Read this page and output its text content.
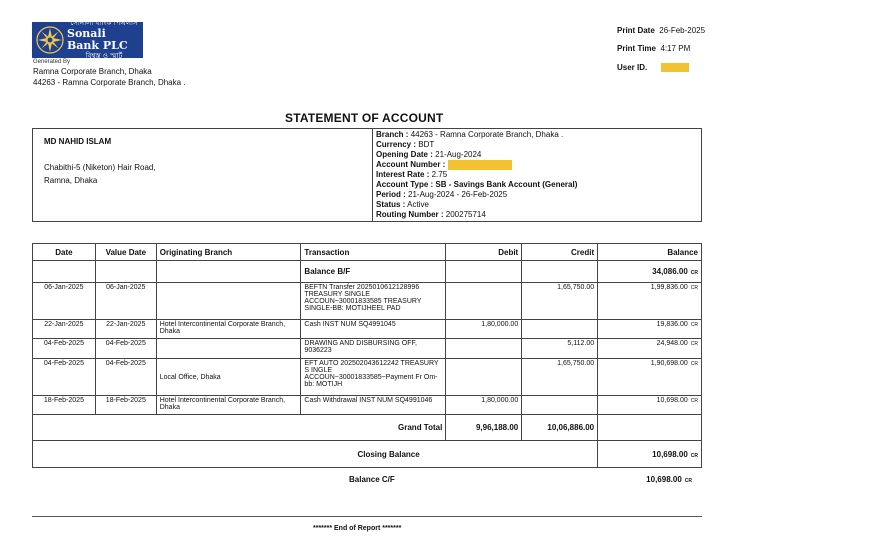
সোনালী ব্যাংক পিএলসি
Sonali Bank PLC
বিশ্বস্ত ও স্মার্ট
Generated By
Ramna Corporate Branch, Dhaka
44263 - Ramna Corporate Branch, Dhaka .
Print Date 26-Feb-2025
Print Time 4:17 PM
User ID.
STATEMENT OF ACCOUNT
MD NAHID ISLAM
Chabithi-5 (Niketon) Hair Road,
Ramna, Dhaka
Branch : 44263 - Ramna Corporate Branch, Dhaka .
Currency : BDT
Opening Date : 21-Aug-2024
Account Number :
Interest Rate : 2.75
Account Type : SB - Savings Bank Account (General)
Period : 21-Aug-2024 - 26-Feb-2025
Status : Active
Routing Number : 200275714
Date	Value Date	Originating Branch	Transaction	Debit	Credit	Balance
			Balance B/F			34,086.00 CR
06-Jan-2025	06-Jan-2025		BEFTN Transfer 2025010612128996 TREASURY SINGLE ACCOUN~30001833585 TREASURY SINGLE-BB: MOTIJHEEL PAD		1,65,750.00	1,99,836.00 CR
22-Jan-2025	22-Jan-2025	Hotel Intercontinental Corporate Branch, Dhaka	Cash INST NUM SQ4991045	1,80,000.00		19,836.00 CR
04-Feb-2025	04-Feb-2025		DRAWING AND DISBURSING OFF, 9036223		5,112.00	24,948.00 CR
04-Feb-2025	04-Feb-2025	Local Office, Dhaka	EFT AUTO 202502043612242 TREASURY S INGLE ACCOUN~30001833585~Payment Fr Om-bb: MOTIJH		1,65,750.00	1,90,698.00 CR
18-Feb-2025	18-Feb-2025	Hotel Intercontinental Corporate Branch, Dhaka	Cash Withdrawal INST NUM SQ4991046	1,80,000.00		10,698.00 CR
			Grand Total	9,96,188.00	10,06,886.00	
Closing Balance						10,698.00 CR
Balance C/F	10,698.00 CR
******* End of Report *******
